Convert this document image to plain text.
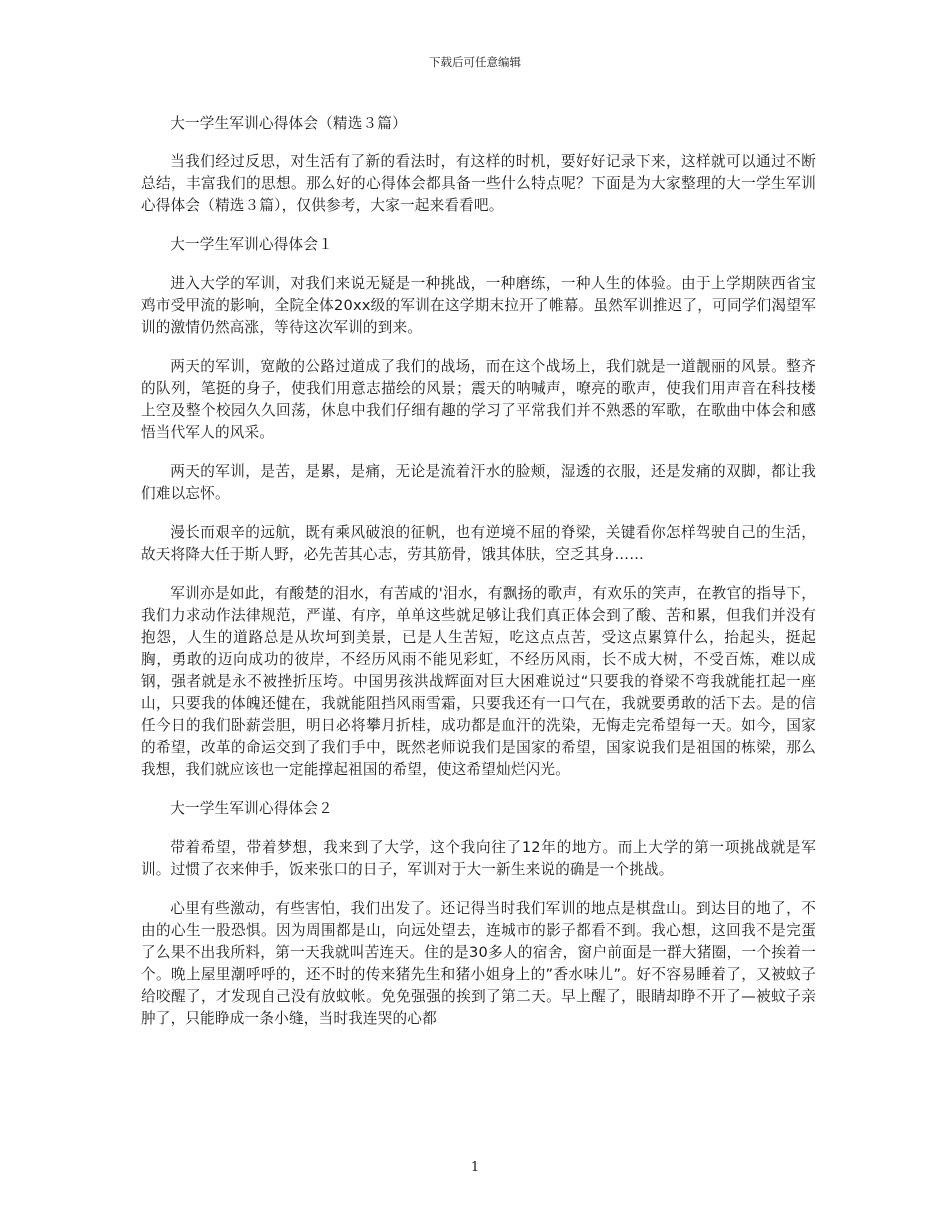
下载后可任意编辑

大一学生军训心得体会（精选３篇）

当我们经过反思，对生活有了新的看法时，有这样的时机，要好好记录下来，这样就可以通过不断总结，丰富我们的思想。那么好的心得体会都具备一些什么特点呢？下面是为大家整理的大一学生军训心得体会（精选３篇），仅供参考，大家一起来看看吧。

大一学生军训心得体会１

进入大学的军训，对我们来说无疑是一种挑战，一种磨练，一种人生的体验。由于上学期陕西省宝鸡市受甲流的影响，全院全体20xx级的军训在这学期末拉开了帷幕。虽然军训推迟了，可同学们渴望军训的激情仍然高涨，等待这次军训的到来。

两天的军训，宽敞的公路过道成了我们的战场，而在这个战场上，我们就是一道靓丽的风景。整齐的队列，笔挺的身子，使我们用意志描绘的风景；震天的呐喊声，嘹亮的歌声，使我们用声音在科技楼上空及整个校园久久回荡，休息中我们仔细有趣的学习了平常我们并不熟悉的军歌，在歌曲中体会和感悟当代军人的风采。

两天的军训，是苦，是累，是痛，无论是流着汗水的脸颊，湿透的衣服，还是发痛的双脚，都让我们难以忘怀。

漫长而艰辛的远航，既有乘风破浪的征帆，也有逆境不屈的脊梁，关键看你怎样驾驶自己的生活，故天将降大任于斯人野，必先苦其心志，劳其筋骨，饿其体肤，空乏其身……

军训亦是如此，有酸楚的泪水，有苦咸的'泪水，有飘扬的歌声，有欢乐的笑声，在教官的指导下，我们力求动作法律规范，严谨、有序，单单这些就足够让我们真正体会到了酸、苦和累，但我们并没有抱怨，人生的道路总是从坎坷到美景，已是人生苦短，吃这点点苦，受这点累算什么，抬起头，挺起胸，勇敢的迈向成功的彼岸，不经历风雨不能见彩虹，不经历风雨，长不成大树，不受百炼，难以成钢，强者就是永不被挫折压垮。中国男孩洪战辉面对巨大困难说过“只要我的脊梁不弯我就能扛起一座山，只要我的体魄还健在，我就能阻挡风雨雪霜，只要我还有一口气在，我就要勇敢的活下去。是的信任今日的我们卧薪尝胆，明日必将攀月折桂，成功都是血汗的洗染，无悔走完希望每一天。如今，国家的希望，改革的命运交到了我们手中，既然老师说我们是国家的希望，国家说我们是祖国的栋梁，那么我想，我们就应该也一定能撑起祖国的希望，使这希望灿烂闪光。

大一学生军训心得体会２

带着希望，带着梦想，我来到了大学，这个我向往了12年的地方。而上大学的第一项挑战就是军训。过惯了衣来伸手，饭来张口的日子，军训对于大一新生来说的确是一个挑战。

心里有些激动，有些害怕，我们出发了。还记得当时我们军训的地点是棋盘山。到达目的地了，不由的心生一股恐惧。因为周围都是山，向远处望去，连城市的影子都看不到。我心想，这回我不是完蛋了么果不出我所料，第一天我就叫苦连天。住的是30多人的宿舍，窗户前面是一群大猪圈，一个挨着一个。晚上屋里潮呼呼的，还不时的传来猪先生和猪小姐身上的”香水味儿”。好不容易睡着了，又被蚊子给咬醒了，才发现自己没有放蚊帐。免免强强的挨到了第二天。早上醒了，眼睛却睁不开了—被蚊子亲肿了，只能睁成一条小缝，当时我连哭的心都

1
